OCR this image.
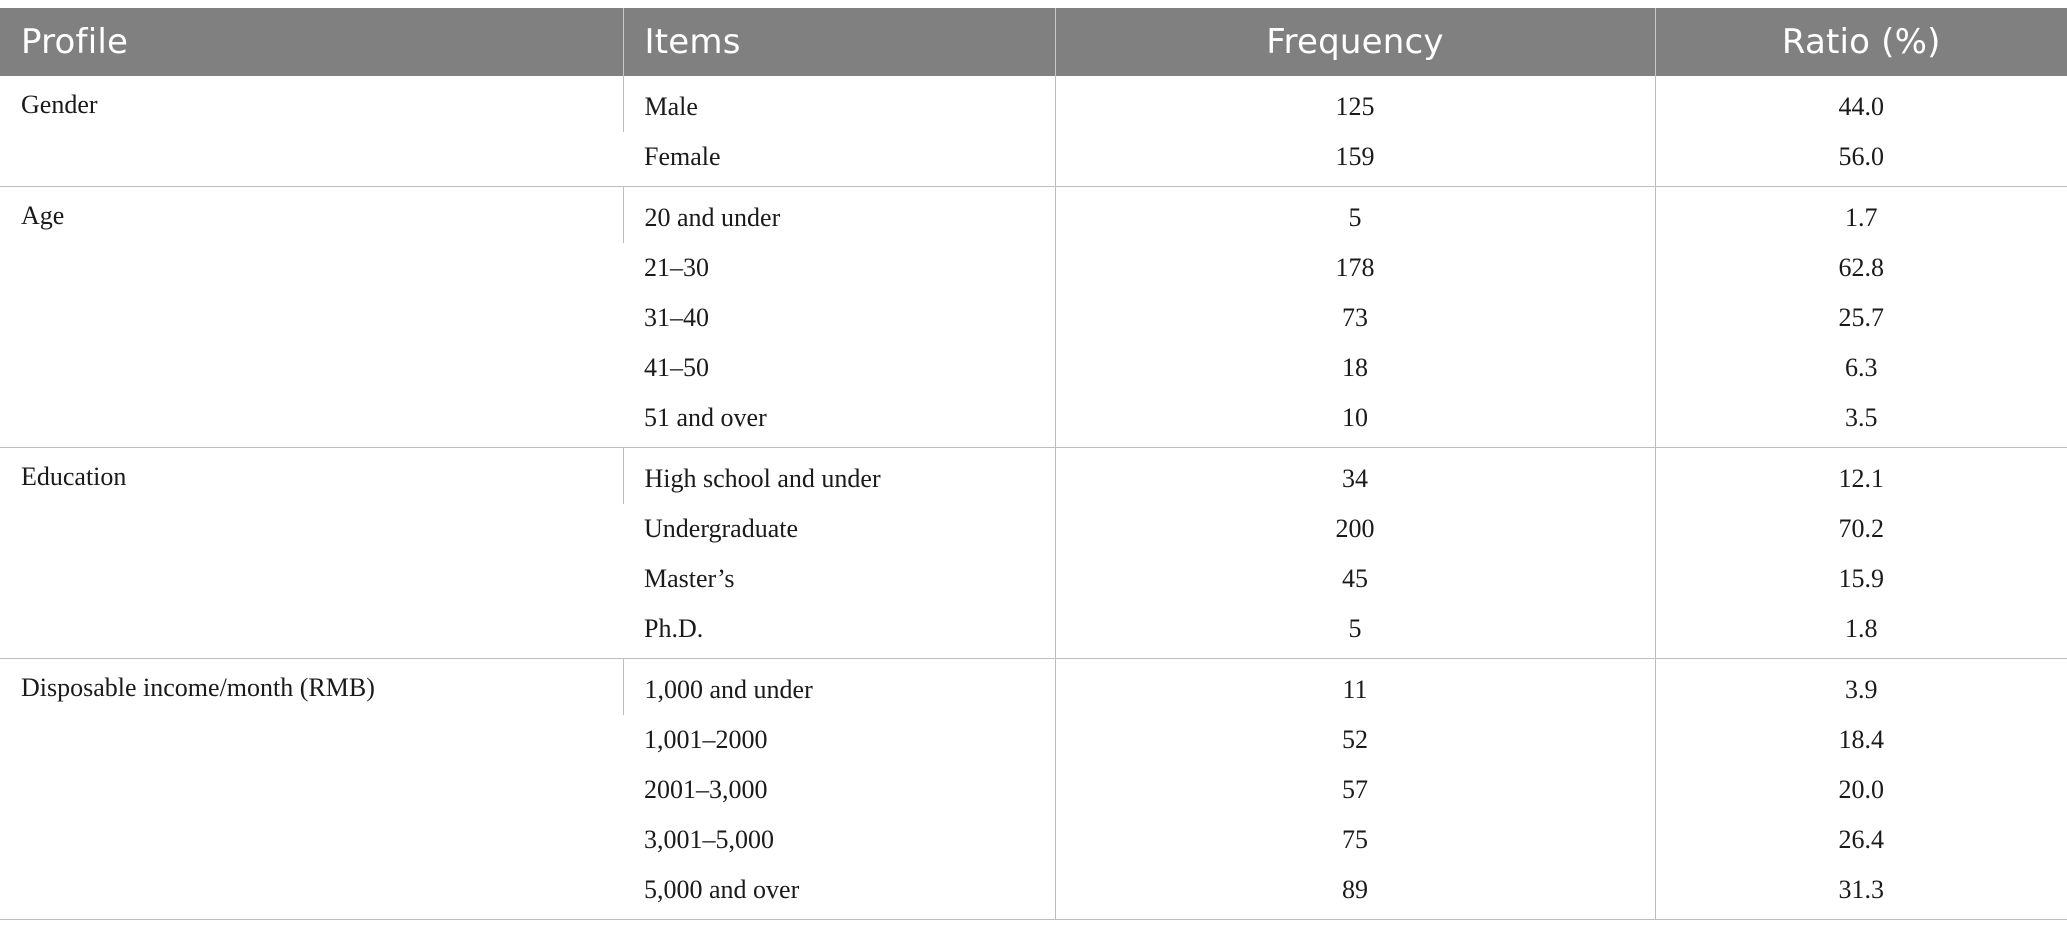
Profile	Items	Frequency	Ratio (%)
Gender	Male	125	44.0
	Female	159	56.0
Age	20 and under	5	1.7
	21–30	178	62.8
	31–40	73	25.7
	41–50	18	6.3
	51 and over	10	3.5
Education	High school and under	34	12.1
	Undergraduate	200	70.2
	Master’s	45	15.9
	Ph.D.	5	1.8
Disposable income/month (RMB)	1,000 and under	11	3.9
	1,001–2000	52	18.4
	2001–3,000	57	20.0
	3,001–5,000	75	26.4
	5,000 and over	89	31.3
